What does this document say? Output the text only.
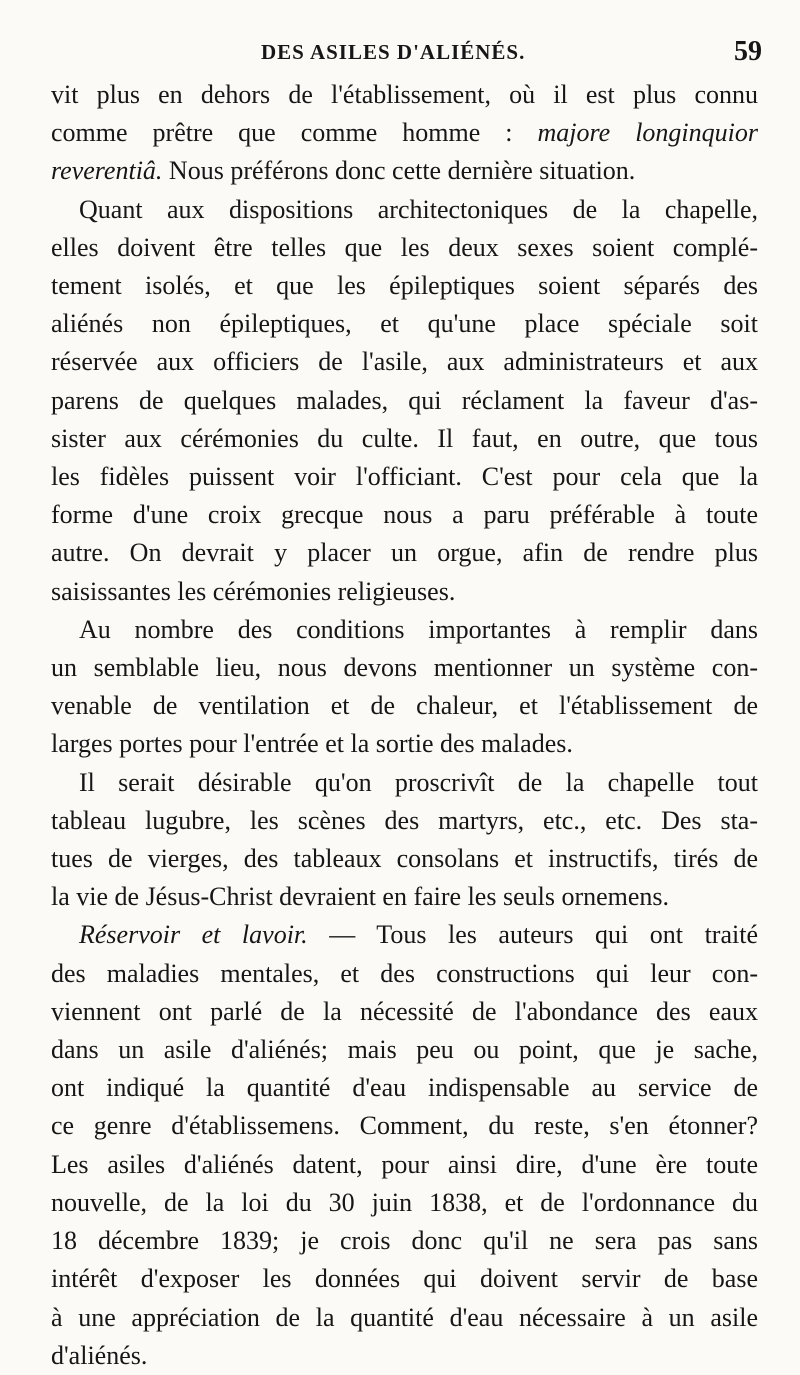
DES ASILES D'ALIÉNÉS.	59

vit plus en dehors de l'établissement, où il est plus connu

comme prêtre que comme homme : majore longinquior

reverentiâ. Nous préférons donc cette dernière situation.

Quant aux dispositions architectoniques de la chapelle,

elles doivent être telles que les deux sexes soient complé-

tement isolés, et que les épileptiques soient séparés des

aliénés non épileptiques, et qu'une place spéciale soit

réservée aux officiers de l'asile, aux administrateurs et aux

parens de quelques malades, qui réclament la faveur d'as-

sister aux cérémonies du culte. Il faut, en outre, que tous

les fidèles puissent voir l'officiant. C'est pour cela que la

forme d'une croix grecque nous a paru préférable à toute

autre. On devrait y placer un orgue, afin de rendre plus

saisissantes les cérémonies religieuses.

Au nombre des conditions importantes à remplir dans

un semblable lieu, nous devons mentionner un système con-

venable de ventilation et de chaleur, et l'établissement de

larges portes pour l'entrée et la sortie des malades.

Il serait désirable qu'on proscrivît de la chapelle tout

tableau lugubre, les scènes des martyrs, etc., etc. Des sta-

tues de vierges, des tableaux consolans et instructifs, tirés de

la vie de Jésus-Christ devraient en faire les seuls ornemens.

Réservoir et lavoir. — Tous les auteurs qui ont traité

des maladies mentales, et des constructions qui leur con-

viennent ont parlé de la nécessité de l'abondance des eaux

dans un asile d'aliénés; mais peu ou point, que je sache,

ont indiqué la quantité d'eau indispensable au service de

ce genre d'établissemens. Comment, du reste, s'en étonner?

Les asiles d'aliénés datent, pour ainsi dire, d'une ère toute

nouvelle, de la loi du 30 juin 1838, et de l'ordonnance du

18 décembre 1839; je crois donc qu'il ne sera pas sans

intérêt d'exposer les données qui doivent servir de base

à une appréciation de la quantité d'eau nécessaire à un asile

d'aliénés.
